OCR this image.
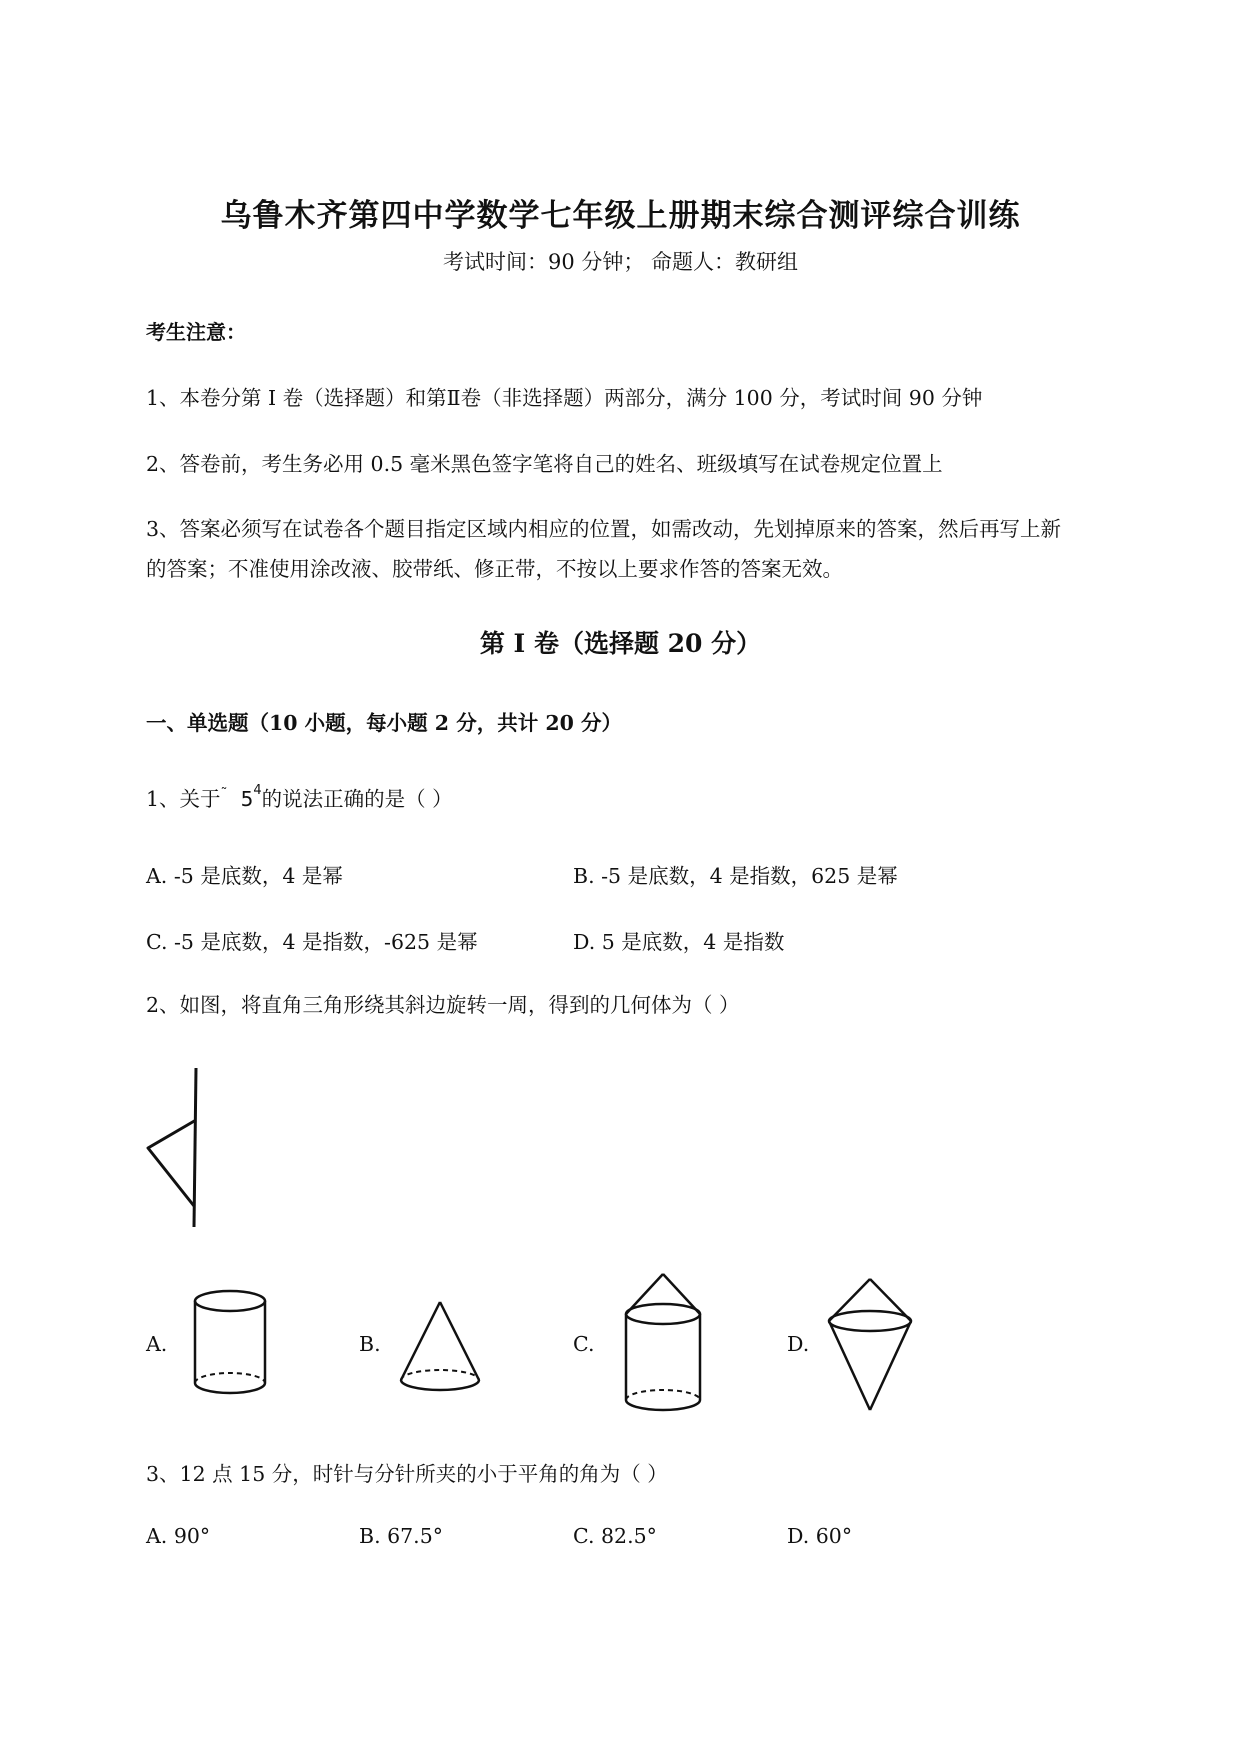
乌鲁木齐第四中学数学七年级上册期末综合测评综合训练
考试时间：90 分钟； 命题人：教研组
考生注意：
1、本卷分第 I 卷（选择题）和第Ⅱ卷（非选择题）两部分，满分 100 分，考试时间 90 分钟
2、答卷前，考生务必用 0.5 毫米黑色签字笔将自己的姓名、班级填写在试卷规定位置上
3、答案必须写在试卷各个题目指定区域内相应的位置，如需改动，先划掉原来的答案，然后再写上新
的答案；不准使用涂改液、胶带纸、修正带，不按以上要求作答的答案无效。
第 I 卷（选择题 20 分）
一、单选题（10 小题，每小题 2 分，共计 20 分）
1、关于˜ $5^4$的说法正确的是（ ）
A. -5 是底数，4 是幂	B. -5 是底数，4 是指数，625 是幂
C. -5 是底数，4 是指数，-625 是幂	D. 5 是底数，4 是指数
2、如图，将直角三角形绕其斜边旋转一周，得到的几何体为（ ）
A.	B.	C.	D.
3、12 点 15 分，时针与分针所夹的小于平角的角为（ ）
A. 90°	B. 67.5°	C. 82.5°	D. 60°
